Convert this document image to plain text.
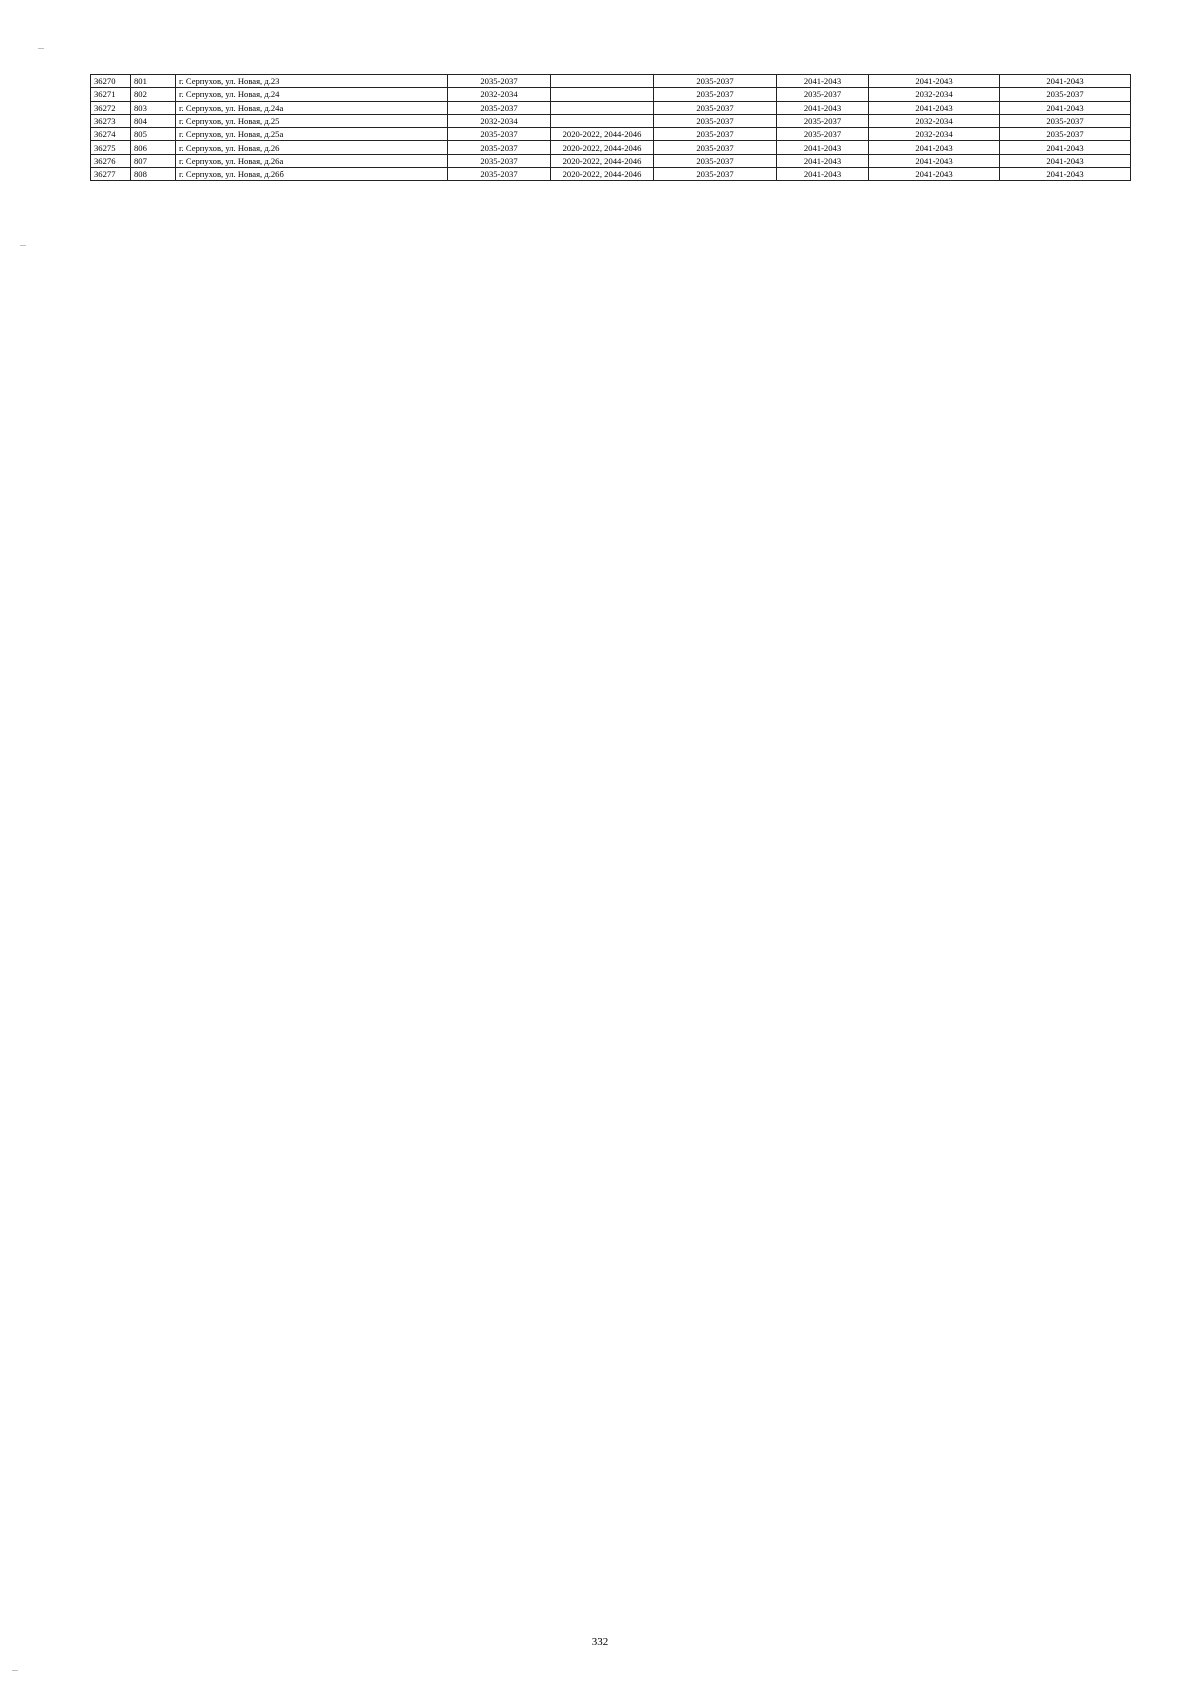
36270	801	г. Серпухов, ул. Новая, д.23	2035-2037		2035-2037	2041-2043	2041-2043	2041-2043
36271	802	г. Серпухов, ул. Новая, д.24	2032-2034		2035-2037	2035-2037	2032-2034	2035-2037
36272	803	г. Серпухов, ул. Новая, д.24а	2035-2037		2035-2037	2041-2043	2041-2043	2041-2043
36273	804	г. Серпухов, ул. Новая, д.25	2032-2034		2035-2037	2035-2037	2032-2034	2035-2037
36274	805	г. Серпухов, ул. Новая, д.25а	2035-2037	2020-2022, 2044-2046	2035-2037	2035-2037	2032-2034	2035-2037
36275	806	г. Серпухов, ул. Новая, д.26	2035-2037	2020-2022, 2044-2046	2035-2037	2041-2043	2041-2043	2041-2043
36276	807	г. Серпухов, ул. Новая, д.26а	2035-2037	2020-2022, 2044-2046	2035-2037	2041-2043	2041-2043	2041-2043
36277	808	г. Серпухов, ул. Новая, д.26б	2035-2037	2020-2022, 2044-2046	2035-2037	2041-2043	2041-2043	2041-2043
332
